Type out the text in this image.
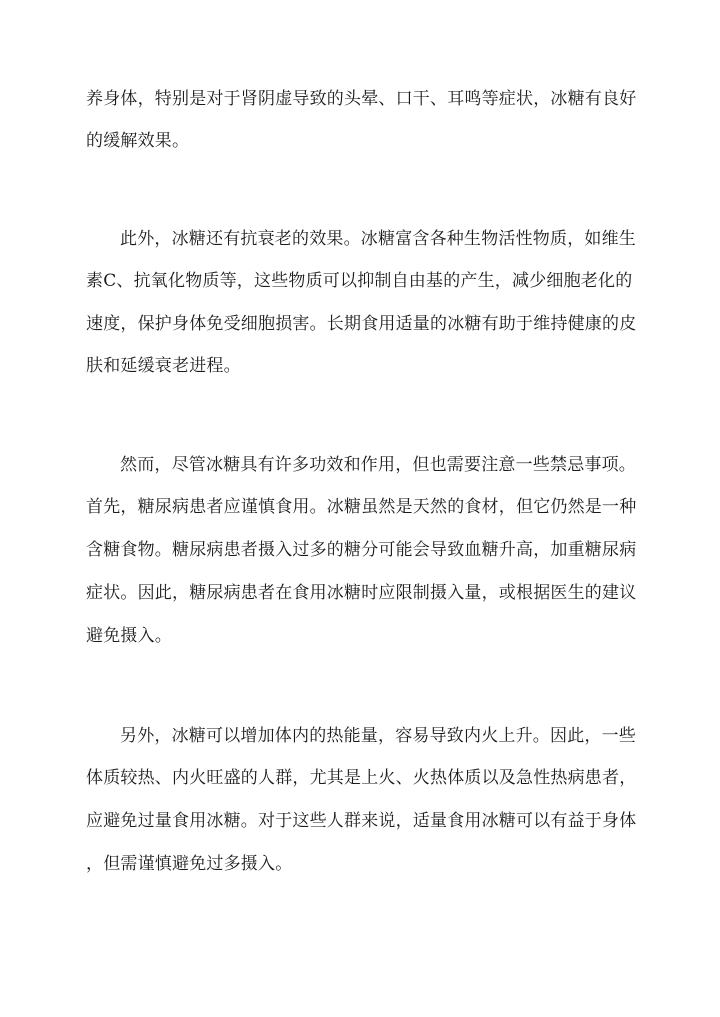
养身体，特别是对于肾阴虚导致的头晕、口干、耳鸣等症状，冰糖有良好
的缓解效果。
此外，冰糖还有抗衰老的效果。冰糖富含各种生物活性物质，如维生
素C、抗氧化物质等，这些物质可以抑制自由基的产生，减少细胞老化的
速度，保护身体免受细胞损害。长期食用适量的冰糖有助于维持健康的皮
肤和延缓衰老进程。
然而，尽管冰糖具有许多功效和作用，但也需要注意一些禁忌事项。
首先，糖尿病患者应谨慎食用。冰糖虽然是天然的食材，但它仍然是一种
含糖食物。糖尿病患者摄入过多的糖分可能会导致血糖升高，加重糖尿病
症状。因此，糖尿病患者在食用冰糖时应限制摄入量，或根据医生的建议
避免摄入。
另外，冰糖可以增加体内的热能量，容易导致内火上升。因此，一些
体质较热、内火旺盛的人群，尤其是上火、火热体质以及急性热病患者，
应避免过量食用冰糖。对于这些人群来说，适量食用冰糖可以有益于身体
，但需谨慎避免过多摄入。
